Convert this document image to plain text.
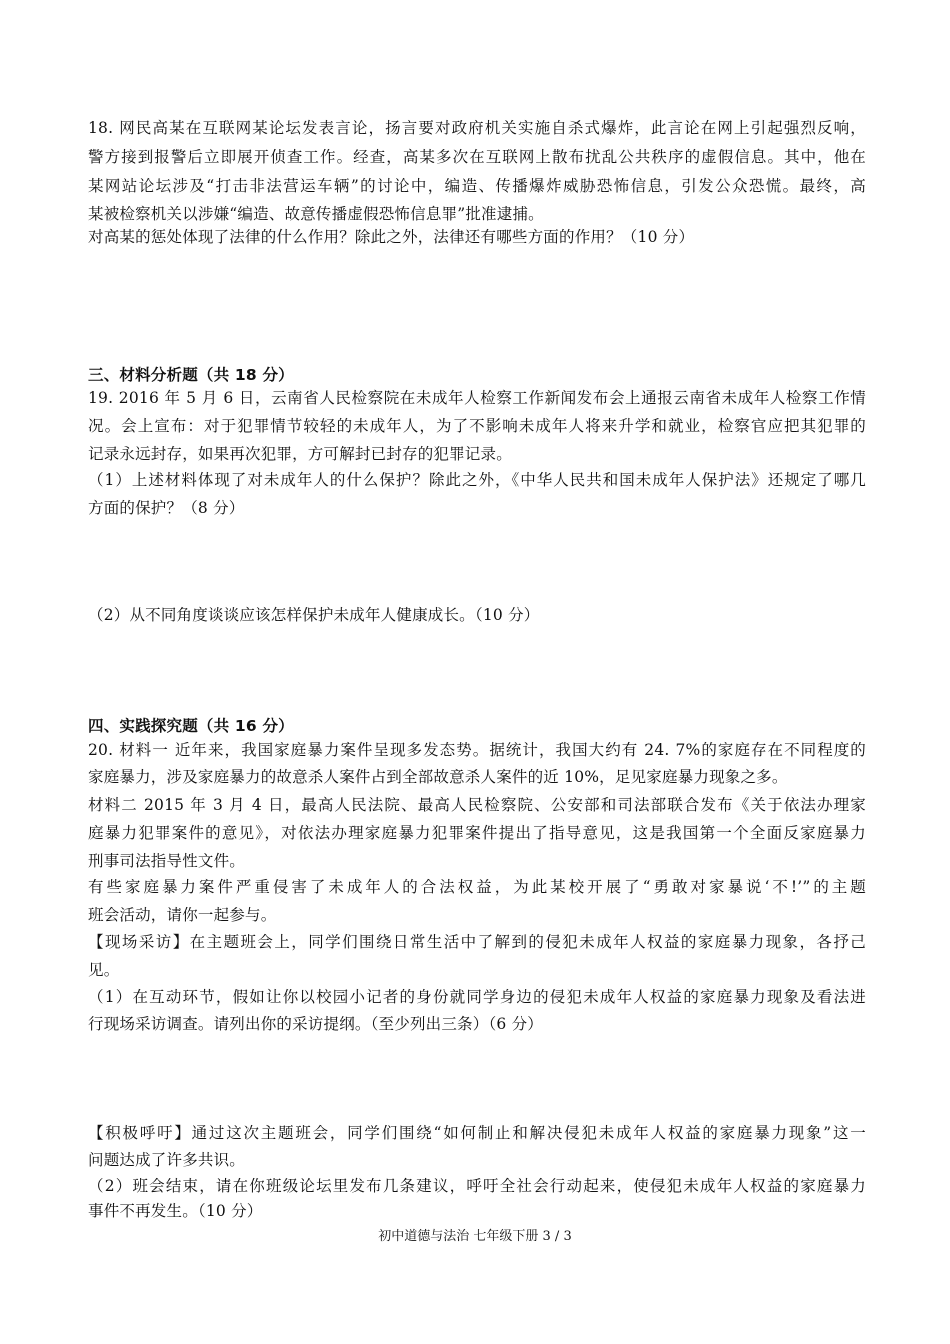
18. 网民高某在互联网某论坛发表言论，扬言要对政府机关实施自杀式爆炸，此言论在网上引起强烈反响，
警方接到报警后立即展开侦查工作。经查，高某多次在互联网上散布扰乱公共秩序的虚假信息。其中，他在
某网站论坛涉及“打击非法营运车辆”的讨论中，编造、传播爆炸威胁恐怖信息，引发公众恐慌。最终，高
某被检察机关以涉嫌“编造、故意传播虚假恐怖信息罪”批准逮捕。
对高某的惩处体现了法律的什么作用？除此之外，法律还有哪些方面的作用？（10 分）
三、材料分析题（共 18 分）
19. 2016 年 5 月 6 日，云南省人民检察院在未成年人检察工作新闻发布会上通报云南省未成年人检察工作情
况。会上宣布：对于犯罪情节较轻的未成年人，为了不影响未成年人将来升学和就业，检察官应把其犯罪的
记录永远封存，如果再次犯罪，方可解封已封存的犯罪记录。
（1）上述材料体现了对未成年人的什么保护？除此之外，《中华人民共和国未成年人保护法》还规定了哪几
方面的保护？（8 分）
（2）从不同角度谈谈应该怎样保护未成年人健康成长。（10 分）
四、实践探究题（共 16 分）
20. 材料一 近年来，我国家庭暴力案件呈现多发态势。据统计，我国大约有 24. 7%的家庭存在不同程度的
家庭暴力，涉及家庭暴力的故意杀人案件占到全部故意杀人案件的近 10%，足见家庭暴力现象之多。
材料二 2015 年 3 月 4 日，最高人民法院、最高人民检察院、公安部和司法部联合发布《关于依法办理家
庭暴力犯罪案件的意见》，对依法办理家庭暴力犯罪案件提出了指导意见，这是我国第一个全面反家庭暴力
刑事司法指导性文件。
有些家庭暴力案件严重侵害了未成年人的合法权益，为此某校开展了“勇敢对家暴说‘不!’”的主题
班会活动，请你一起参与。
【现场采访】在主题班会上，同学们围绕日常生活中了解到的侵犯未成年人权益的家庭暴力现象，各抒己
见。
（1）在互动环节，假如让你以校园小记者的身份就同学身边的侵犯未成年人权益的家庭暴力现象及看法进
行现场采访调查。请列出你的采访提纲。（至少列出三条）（6 分）
【积极呼吁】通过这次主题班会，同学们围绕“如何制止和解决侵犯未成年人权益的家庭暴力现象”这一
问题达成了许多共识。
（2）班会结束，请在你班级论坛里发布几条建议，呼吁全社会行动起来，使侵犯未成年人权益的家庭暴力
事件不再发生。（10 分）
初中道德与法治 七年级下册 3 / 3
